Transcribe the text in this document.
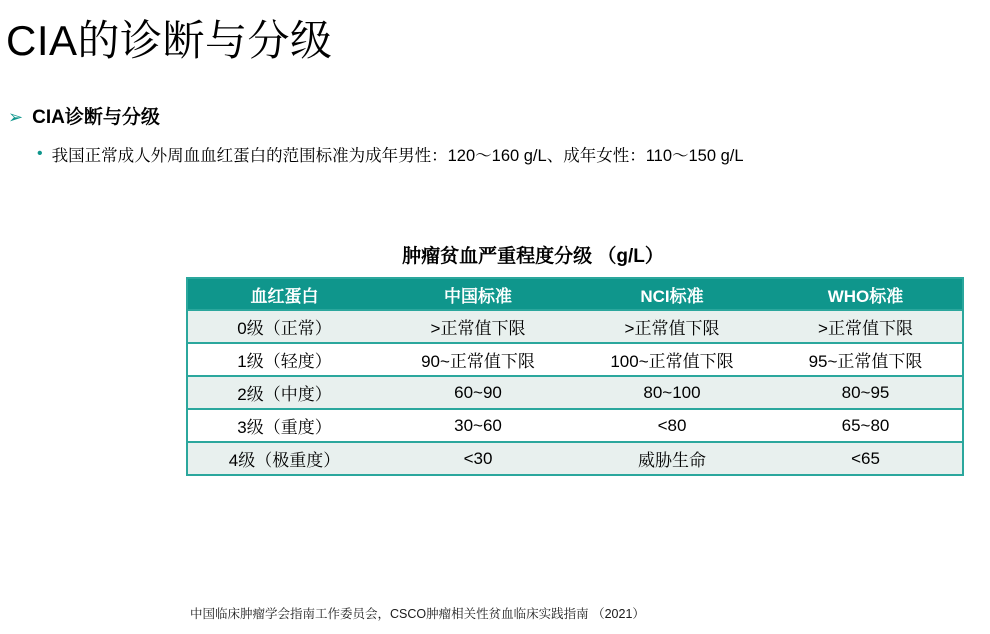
CIA的诊断与分级
➢ CIA诊断与分级
• 我国正常成人外周血血红蛋白的范围标准为成年男性：120～160 g/L、成年女性：110～150 g/L
肿瘤贫血严重程度分级 （g/L）
血红蛋白	中国标准	NCI标准	WHO标准
0级（正常）	>正常值下限	>正常值下限	>正常值下限
1级（轻度）	90~正常值下限	100~正常值下限	95~正常值下限
2级（中度）	60~90	80~100	80~95
3级（重度）	30~60	<80	65~80
4级（极重度）	<30	威胁生命	<65
中国临床肿瘤学会指南工作委员会，CSCO肿瘤相关性贫血临床实践指南 （2021）
